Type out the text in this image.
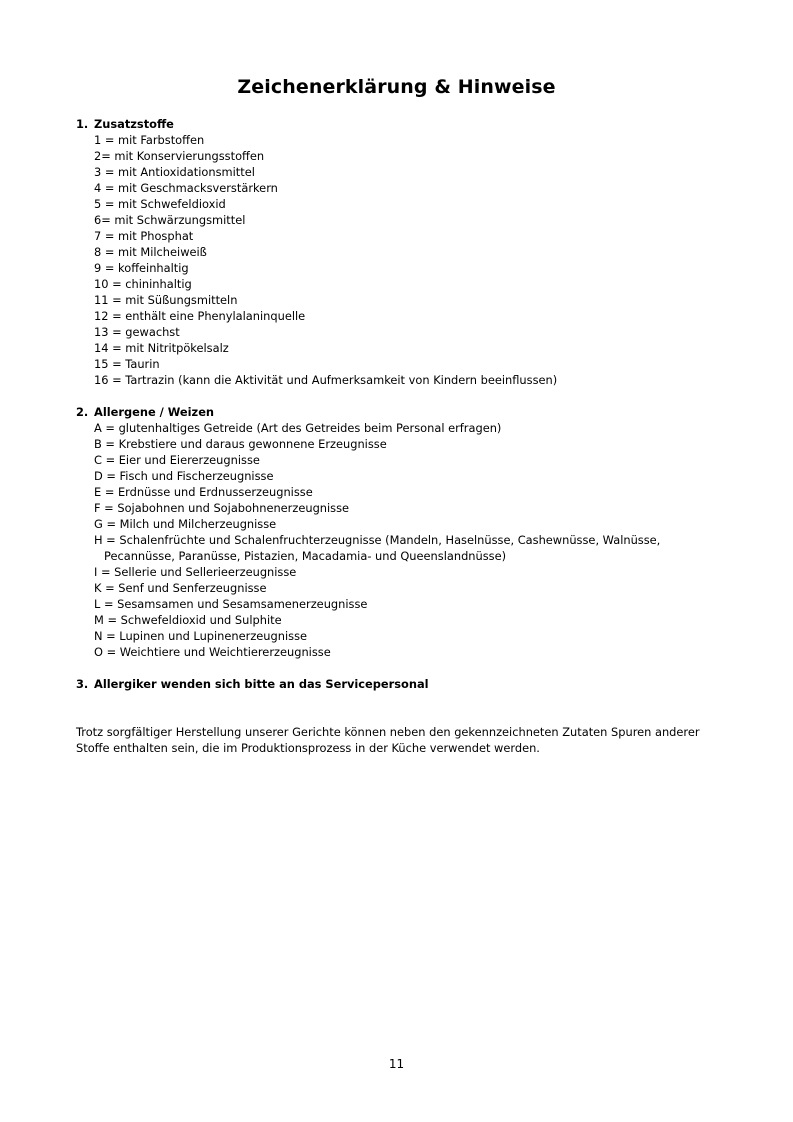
Zeichenerklärung & Hinweise
1. Zusatzstoffe
1 = mit Farbstoffen
2= mit Konservierungsstoffen
3 = mit Antioxidationsmittel
4 = mit Geschmacksverstärkern
5 = mit Schwefeldioxid
6= mit Schwärzungsmittel
7 = mit Phosphat
8 = mit Milcheiweiß
9 = koffeinhaltig
10 = chininhaltig
11 = mit Süßungsmitteln
12 = enthält eine Phenylalaninquelle
13 = gewachst
14 = mit Nitritpökelsalz
15 = Taurin
16 = Tartrazin (kann die Aktivität und Aufmerksamkeit von Kindern beeinflussen)
2. Allergene / Weizen
A = glutenhaltiges Getreide (Art des Getreides beim Personal erfragen)
B = Krebstiere und daraus gewonnene Erzeugnisse
C = Eier und Eiererzeugnisse
D = Fisch und Fischerzeugnisse
E = Erdnüsse und Erdnusserzeugnisse
F = Sojabohnen und Sojabohnenerzeugnisse
G = Milch und Milcherzeugnisse
H = Schalenfrüchte und Schalenfruchterzeugnisse (Mandeln, Haselnüsse, Cashewnüsse, Walnüsse, Pecannüsse, Paranüsse, Pistazien, Macadamia- und Queenslandnüsse)
I = Sellerie und Sellerieerzeugnisse
K = Senf und Senferzeugnisse
L = Sesamsamen und Sesamsamenerzeugnisse
M = Schwefeldioxid und Sulphite
N = Lupinen und Lupinenerzeugnisse
O = Weichtiere und Weichtiererzeugnisse
3. Allergiker wenden sich bitte an das Servicepersonal
Trotz sorgfältiger Herstellung unserer Gerichte können neben den gekennzeichneten Zutaten Spuren anderer Stoffe enthalten sein, die im Produktionsprozess in der Küche verwendet werden.
11
